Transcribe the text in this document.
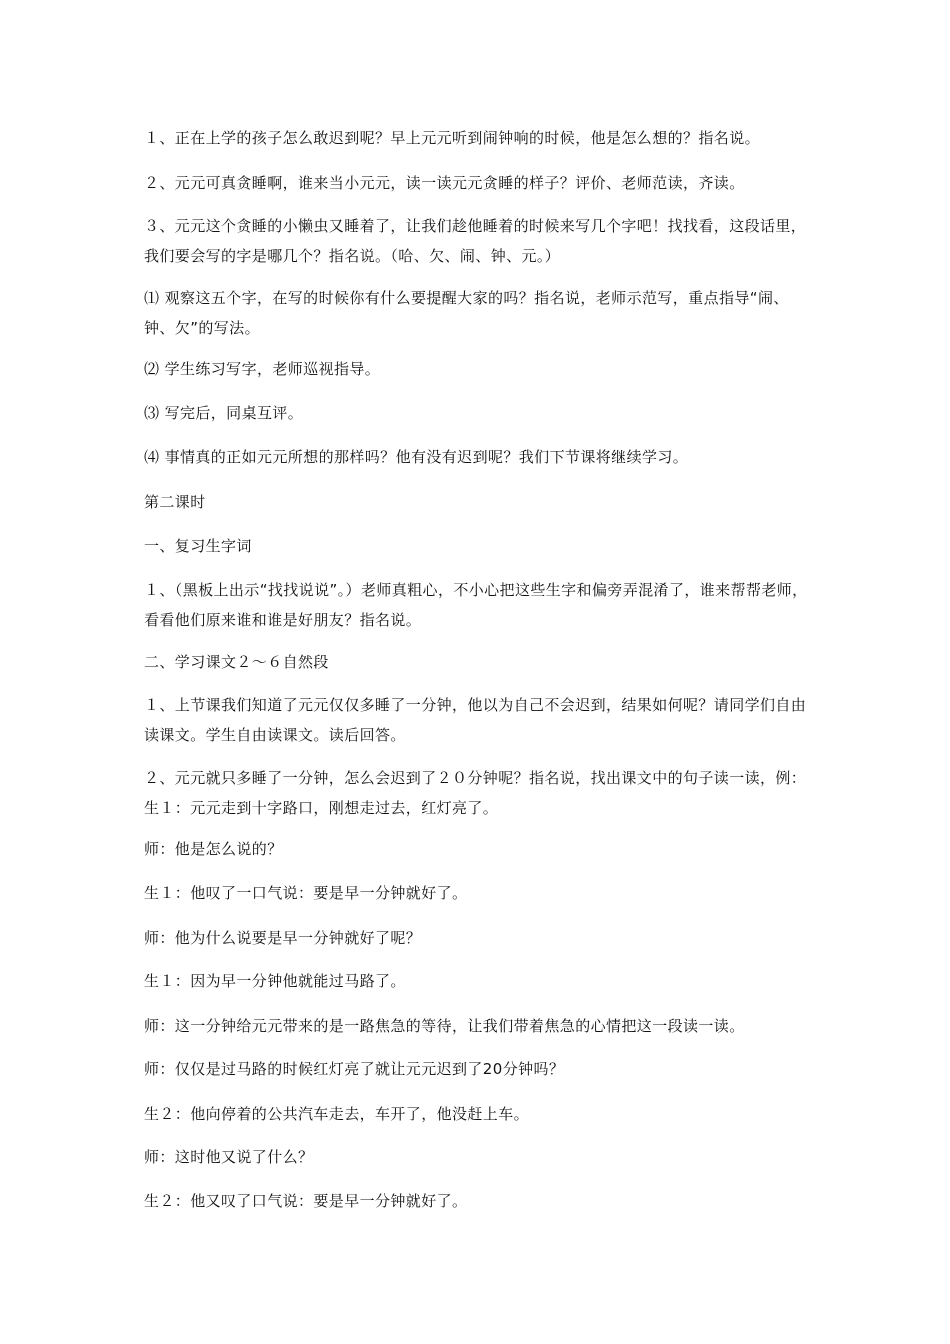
１、正在上学的孩子怎么敢迟到呢？早上元元听到闹钟响的时候，他是怎么想的？指名说。
２、元元可真贪睡啊，谁来当小元元，读一读元元贪睡的样子？评价、老师范读，齐读。
３、元元这个贪睡的小懒虫又睡着了，让我们趁他睡着的时候来写几个字吧！找找看，这段话里，我们要会写的字是哪几个？指名说。（哈、欠、闹、钟、元。）
⑴ 观察这五个字，在写的时候你有什么要提醒大家的吗？指名说，老师示范写，重点指导“闹、钟、欠”的写法。
⑵ 学生练习写字，老师巡视指导。
⑶ 写完后，同桌互评。
⑷ 事情真的正如元元所想的那样吗？他有没有迟到呢？我们下节课将继续学习。
第二课时
一、复习生字词
１、（黑板上出示“找找说说”。）老师真粗心，不小心把这些生字和偏旁弄混淆了，谁来帮帮老师，看看他们原来谁和谁是好朋友？指名说。
二、学习课文２～６自然段
１、上节课我们知道了元元仅仅多睡了一分钟，他以为自己不会迟到，结果如何呢？请同学们自由读课文。学生自由读课文。读后回答。
２、元元就只多睡了一分钟，怎么会迟到了２０分钟呢？指名说，找出课文中的句子读一读，例：生１：元元走到十字路口，刚想走过去，红灯亮了。
师：他是怎么说的？
生１：他叹了一口气说：要是早一分钟就好了。
师：他为什么说要是早一分钟就好了呢？
生１：因为早一分钟他就能过马路了。
师：这一分钟给元元带来的是一路焦急的等待，让我们带着焦急的心情把这一段读一读。
师：仅仅是过马路的时候红灯亮了就让元元迟到了20分钟吗？
生２：他向停着的公共汽车走去，车开了，他没赶上车。
师：这时他又说了什么？
生２：他又叹了口气说：要是早一分钟就好了。
